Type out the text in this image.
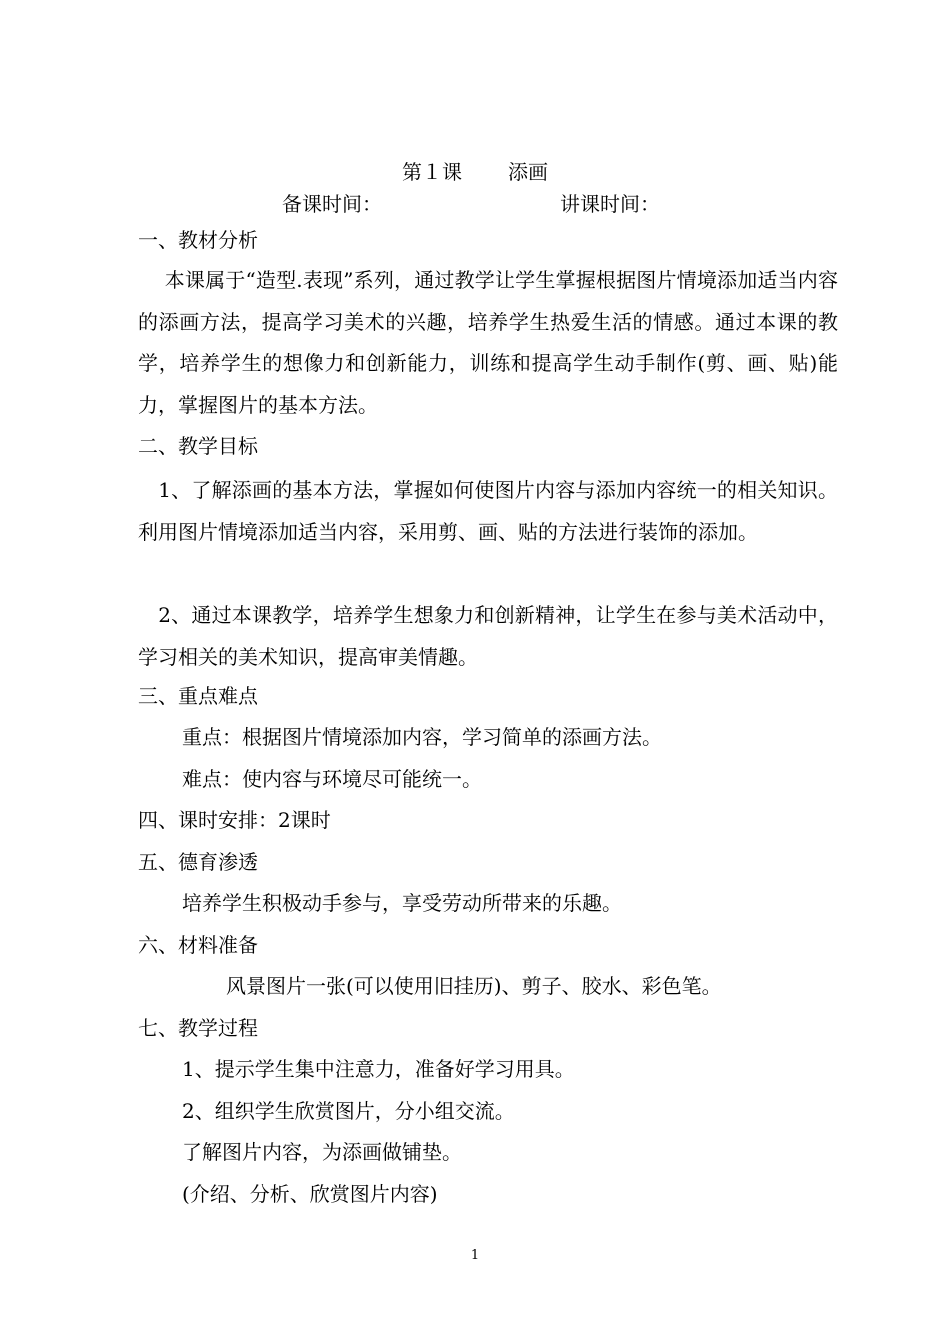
第１课 添画
备课时间：	讲课时间：
一、教材分析
　 本课属于“造型.表现”系列，通过教学让学生掌握根据图片情境添加适当内容的添画方法，提高学习美术的兴趣，培养学生热爱生活的情感。通过本课的教学，培养学生的想像力和创新能力，训练和提高学生动手制作(剪、画、贴)能力，掌握图片的基本方法。
二、教学目标
　1、了解添画的基本方法，掌握如何使图片内容与添加内容统一的相关知识。利用图片情境添加适当内容，采用剪、画、贴的方法进行装饰的添加。
　2、通过本课教学，培养学生想象力和创新精神，让学生在参与美术活动中，学习相关的美术知识，提高审美情趣。
三、重点难点
重点：根据图片情境添加内容，学习简单的添画方法。
难点：使内容与环境尽可能统一。
四、课时安排：2课时
五、德育渗透
培养学生积极动手参与，享受劳动所带来的乐趣。
六、材料准备
风景图片一张(可以使用旧挂历)、剪子、胶水、彩色笔。
七、教学过程
1、提示学生集中注意力，准备好学习用具。
2、组织学生欣赏图片，分小组交流。
了解图片内容，为添画做铺垫。
(介绍、分析、欣赏图片内容)
1
